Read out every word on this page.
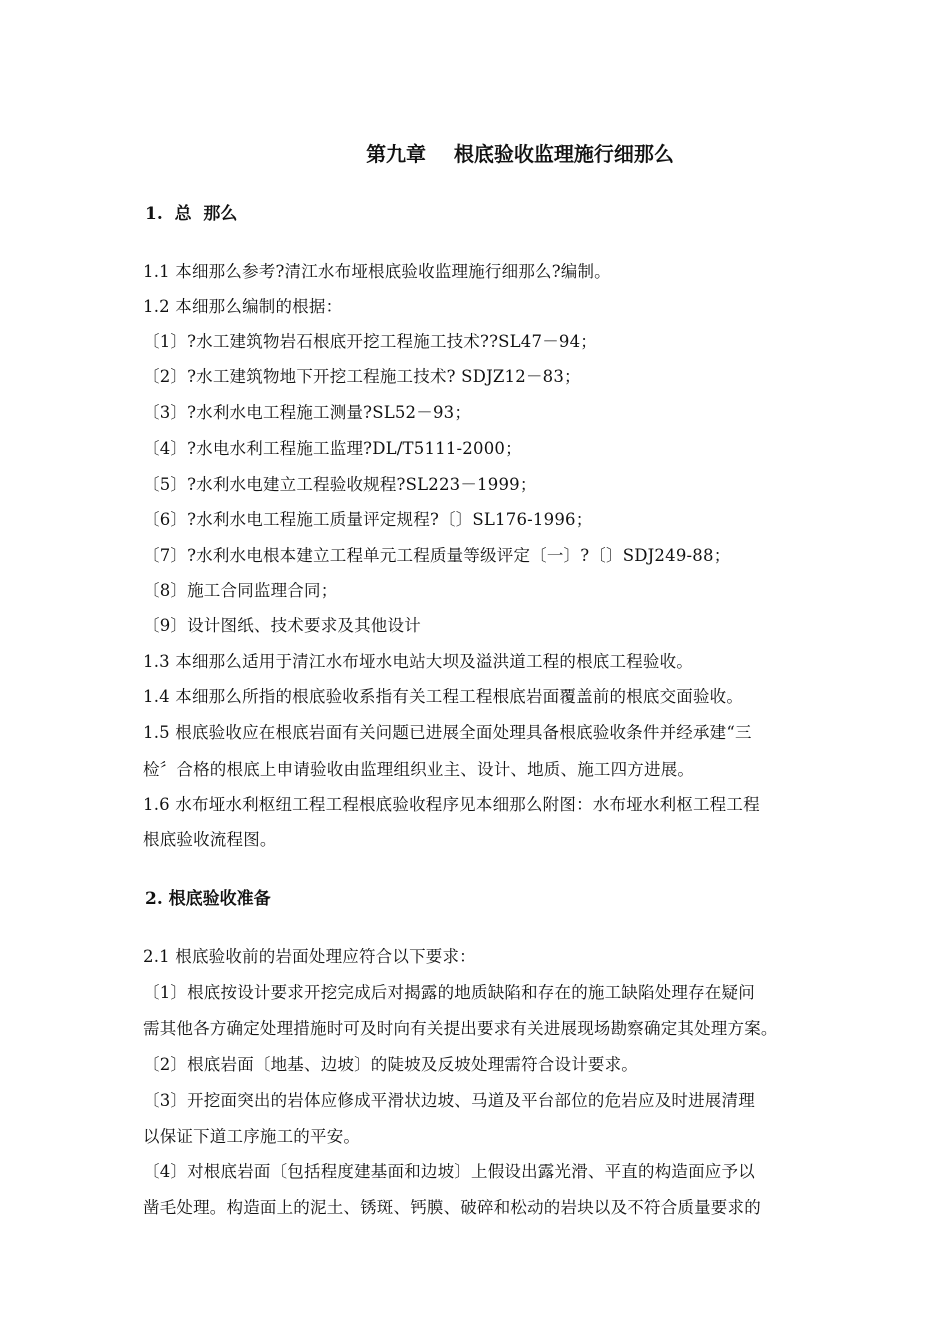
第九章    根底验收监理施行细那么
1.  总  那么
1.1 本细那么参考?清江水布垭根底验收监理施行细那么?编制。
1.2 本细那么编制的根据：
〔1〕?水工建筑物岩石根底开挖工程施工技术??SL47－94；
〔2〕?水工建筑物地下开挖工程施工技术? SDJZ12－83；
〔3〕?水利水电工程施工测量?SL52－93；
〔4〕?水电水利工程施工监理?DL/T5111-2000；
〔5〕?水利水电建立工程验收规程?SL223－1999；
〔6〕?水利水电工程施工质量评定规程?〔〕SL176-1996；
〔7〕?水利水电根本建立工程单元工程质量等级评定〔一〕?〔〕SDJ249-88；
〔8〕施工合同监理合同；
〔9〕设计图纸、技术要求及其他设计
1.3 本细那么适用于清江水布垭水电站大坝及溢洪道工程的根底工程验收。
1.4 本细那么所指的根底验收系指有关工程工程根底岩面覆盖前的根底交面验收。
1.5 根底验收应在根底岩面有关问题已进展全面处理具备根底验收条件并经承建“三
检〞合格的根底上申请验收由监理组织业主、设计、地质、施工四方进展。
1.6 水布垭水利枢纽工程工程根底验收程序见本细那么附图：水布垭水利枢工程工程
根底验收流程图。
2. 根底验收准备
2.1 根底验收前的岩面处理应符合以下要求：
〔1〕根底按设计要求开挖完成后对揭露的地质缺陷和存在的施工缺陷处理存在疑问
需其他各方确定处理措施时可及时向有关提出要求有关进展现场勘察确定其处理方案。
〔2〕根底岩面〔地基、边坡〕的陡坡及反坡处理需符合设计要求。
〔3〕开挖面突出的岩体应修成平滑状边坡、马道及平台部位的危岩应及时进展清理
以保证下道工序施工的平安。
〔4〕对根底岩面〔包括程度建基面和边坡〕上假设出露光滑、平直的构造面应予以
凿毛处理。构造面上的泥土、锈斑、钙膜、破碎和松动的岩块以及不符合质量要求的
